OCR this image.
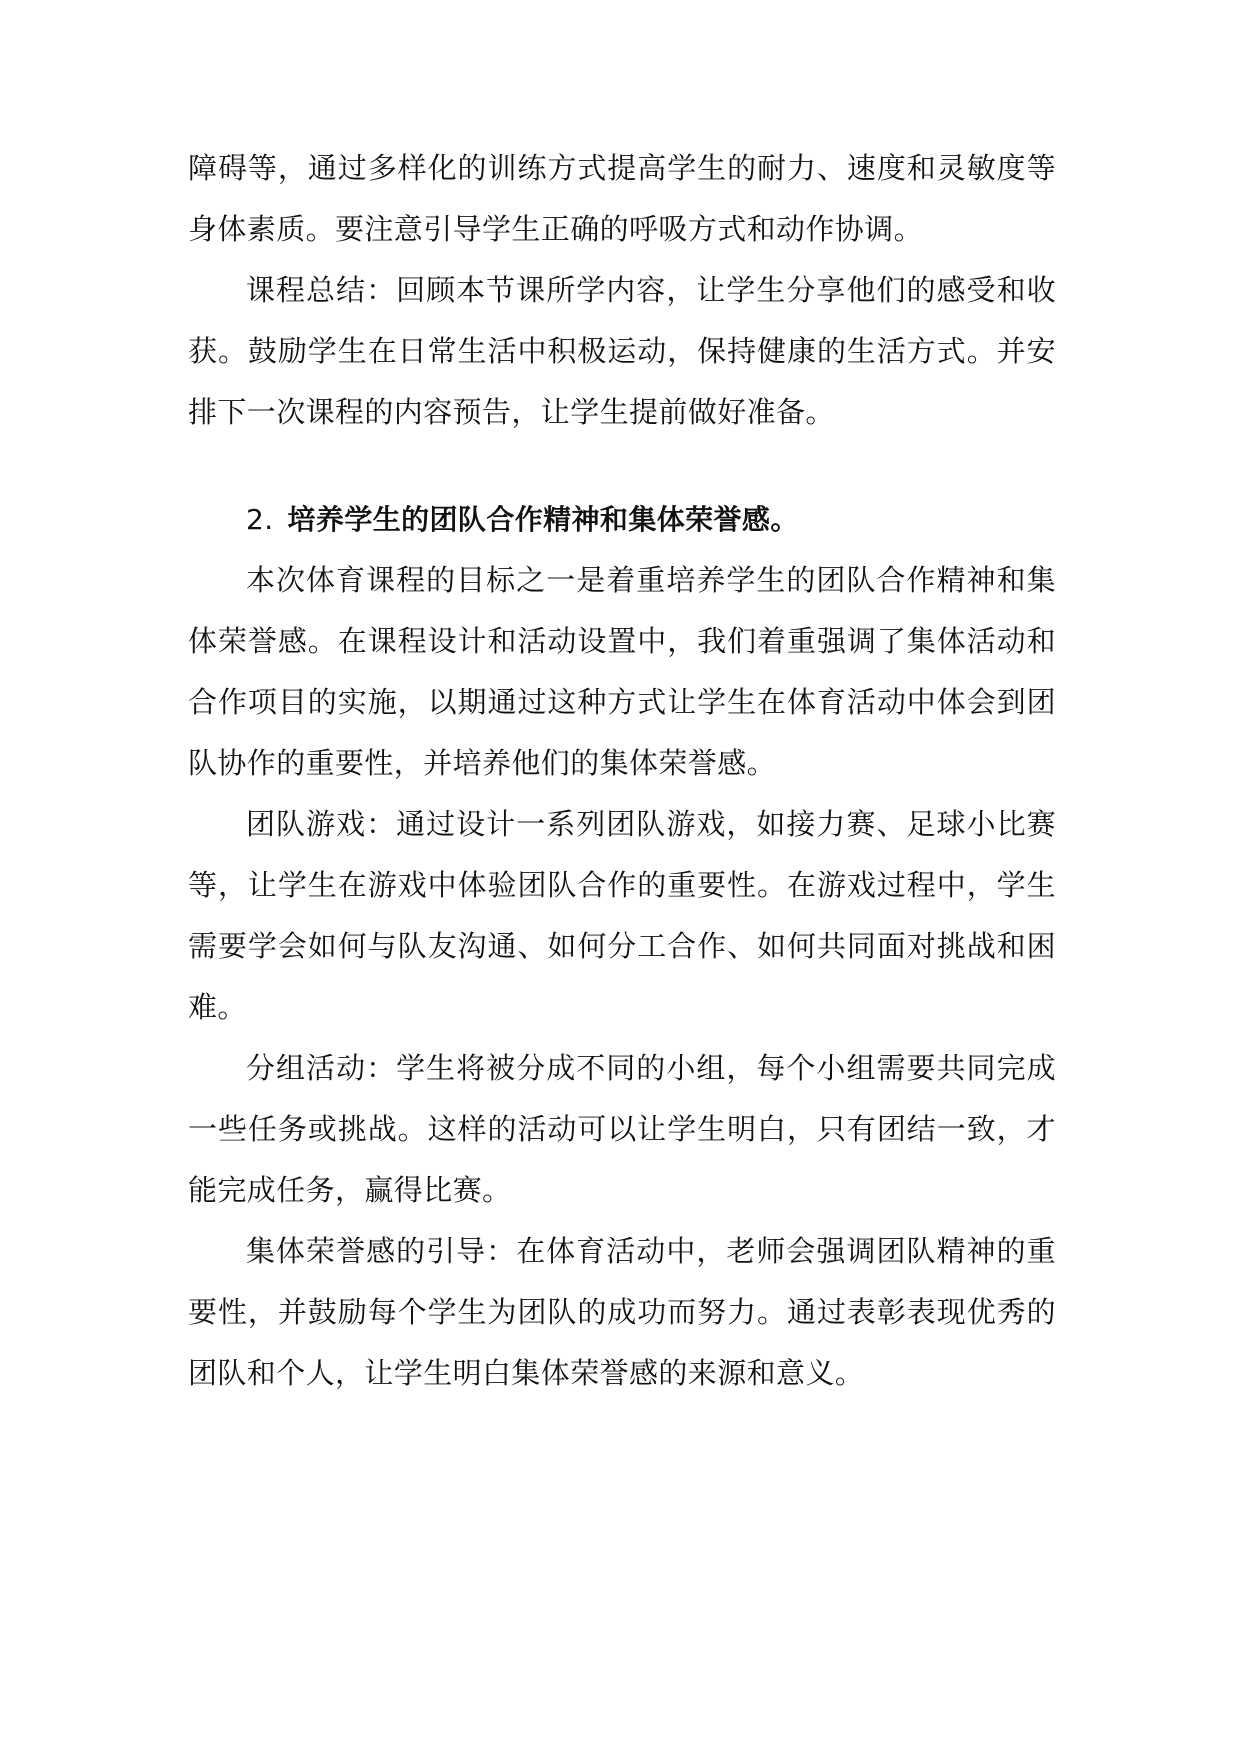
障碍等，通过多样化的训练方式提高学生的耐力、速度和灵敏度等身体素质。要注意引导学生正确的呼吸方式和动作协调。

课程总结：回顾本节课所学内容，让学生分享他们的感受和收获。鼓励学生在日常生活中积极运动，保持健康的生活方式。并安排下一次课程的内容预告，让学生提前做好准备。

2. 培养学生的团队合作精神和集体荣誉感。

本次体育课程的目标之一是着重培养学生的团队合作精神和集体荣誉感。在课程设计和活动设置中，我们着重强调了集体活动和合作项目的实施，以期通过这种方式让学生在体育活动中体会到团队协作的重要性，并培养他们的集体荣誉感。

团队游戏：通过设计一系列团队游戏，如接力赛、足球小比赛等，让学生在游戏中体验团队合作的重要性。在游戏过程中，学生需要学会如何与队友沟通、如何分工合作、如何共同面对挑战和困难。

分组活动：学生将被分成不同的小组，每个小组需要共同完成一些任务或挑战。这样的活动可以让学生明白，只有团结一致，才能完成任务，赢得比赛。

集体荣誉感的引导：在体育活动中，老师会强调团队精神的重要性，并鼓励每个学生为团队的成功而努力。通过表彰表现优秀的团队和个人，让学生明白集体荣誉感的来源和意义。
